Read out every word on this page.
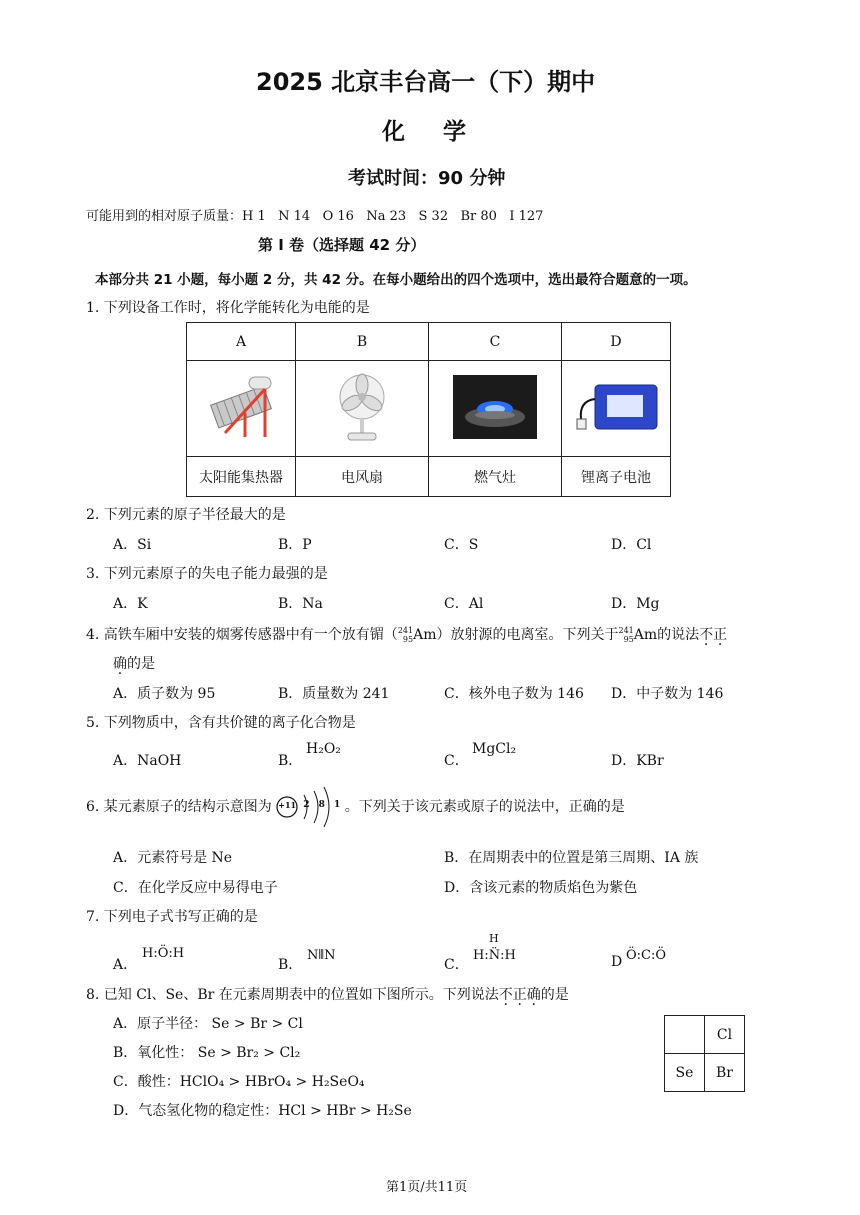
2025 北京丰台高一（下）期中
化学
考试时间：90 分钟
可能用到的相对原子质量：H 1   N 14   O 16   Na 23   S 32   Br 80   I 127
第 I 卷（选择题 42 分）
本部分共 21 小题，每小题 2 分，共 42 分。在每小题给出的四个选项中，选出最符合题意的一项。
1. 下列设备工作时，将化学能转化为电能的是
A	B	C	D

太阳能集热器	电风扇	燃气灶	锂离子电池
2. 下列元素的原子半径最大的是
A．Si	B．P	C．S	D．Cl
3. 下列元素原子的失电子能力最强的是
A．K	B．Na	C．Al	D．Mg
4. 高铁车厢中安装的烟雾传感器中有一个放有镅（241
95Am）放射源的电离室。下列关于241
95Am的说法不正
确的是
A．质子数为 95	B．质量数为 241	C．核外电子数为 146 D．中子数为 146
5. 下列物质中，含有共价键的离子化合物是
A．NaOH	B．
H₂O₂
C．
MgCl₂
D．KBr
6. 某元素原子的结构示意图为 +11 2 8 1 。下列关于该元素或原子的说法中，正确的是
A．元素符号是 Ne	B．在周期表中的位置是第三周期、IA 族
C．在化学反应中易得电子	D．含该元素的物质焰色为紫色
7. 下列电子式书写正确的是
A．
H:Ö:H
B．
N⦀N
C．
H
H:N̈:H	D Ö:C:Ö
8. 已知 Cl、Se、Br 在元素周期表中的位置如下图所示。下列说法不正确的是
A．原子半径： Se > Br > Cl
B．氧化性： Se > Br₂ > Cl₂
C．酸性：HClO₄ > HBrO₄ > H₂SeO₄
D．气态氢化物的稳定性：HCl > HBr > H₂Se
	Cl
Se	Br
第1页/共11页
